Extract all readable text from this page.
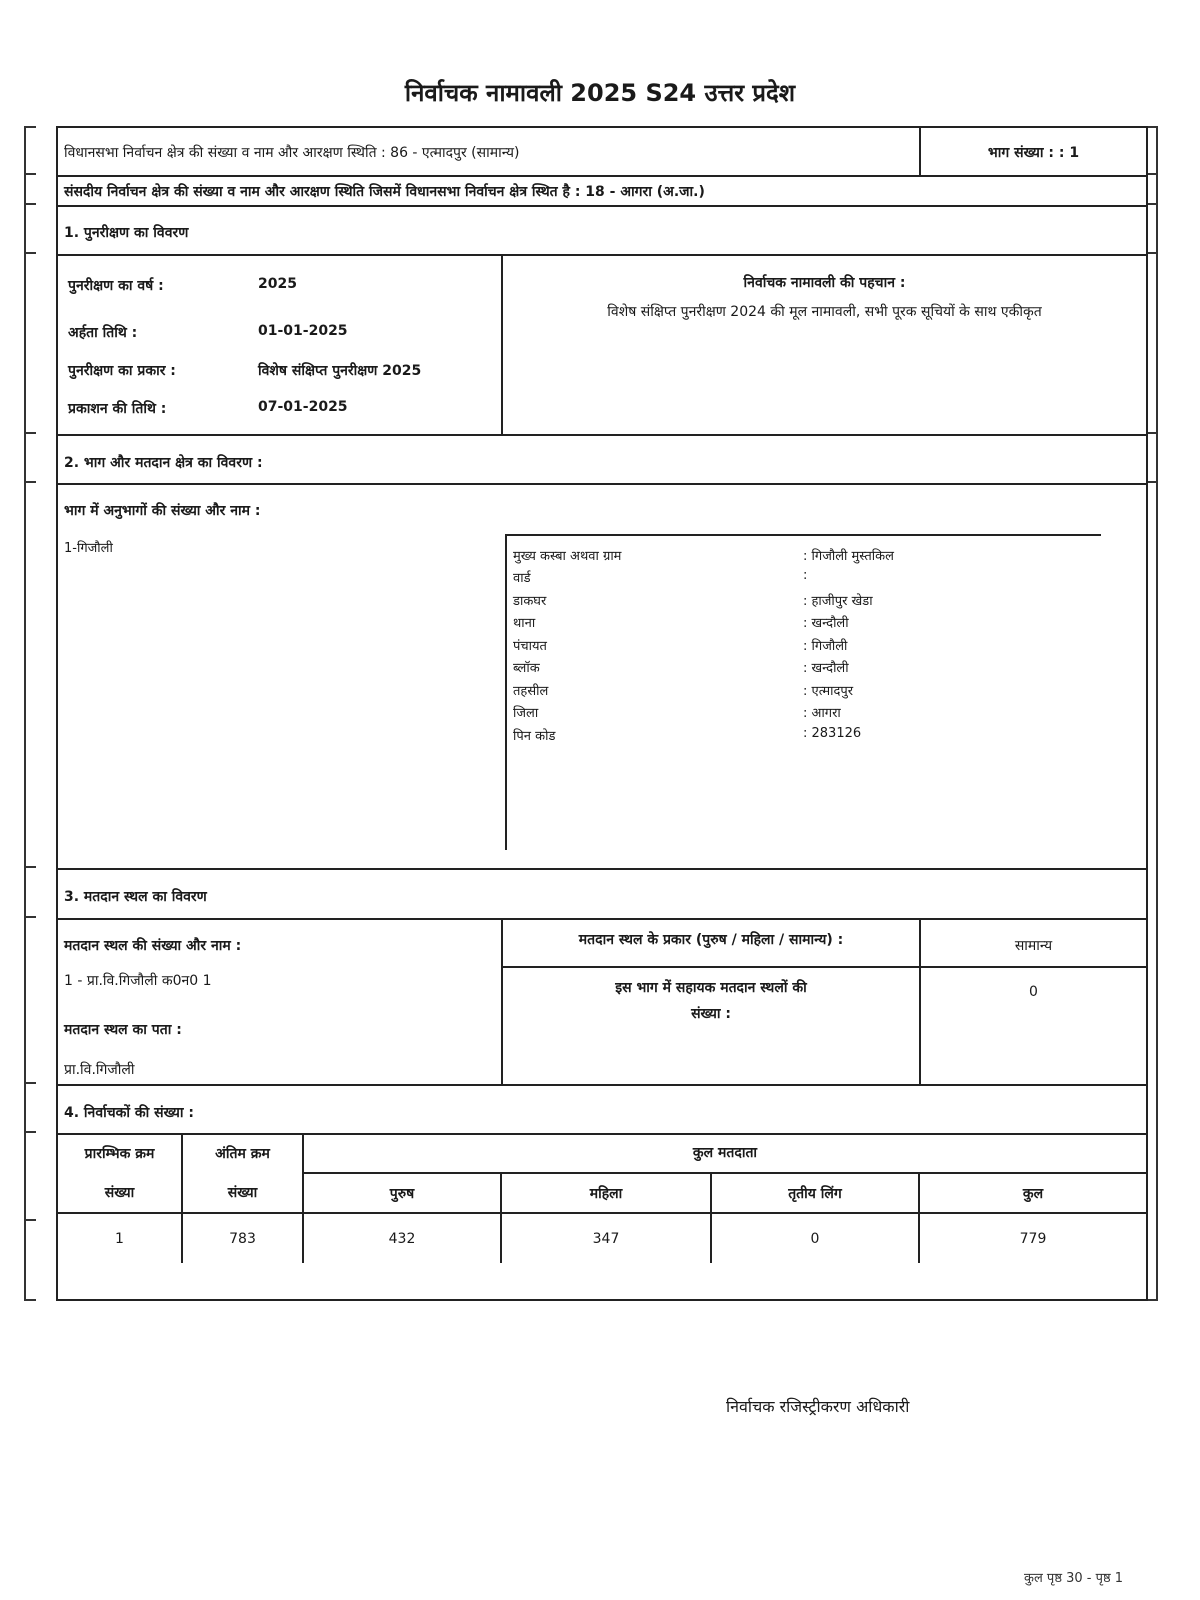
निर्वाचक नामावली 2025 S24 उत्तर प्रदेश
विधानसभा निर्वाचन क्षेत्र की संख्या व नाम और आरक्षण स्थिति : 86 - एत्मादपुर (सामान्य)	भाग संख्या : : 1
संसदीय निर्वाचन क्षेत्र की संख्या व नाम और आरक्षण स्थिति जिसमें विधानसभा निर्वाचन क्षेत्र स्थित है : 18 - आगरा (अ.जा.)
1. पुनरीक्षण का विवरण
पुनरीक्षण का वर्ष :	2025
अर्हता तिथि :	01-01-2025
पुनरीक्षण का प्रकार :	विशेष संक्षिप्त पुनरीक्षण 2025
प्रकाशन की तिथि :	07-01-2025
निर्वाचक नामावली की पहचान :
विशेष संक्षिप्त पुनरीक्षण 2024 की मूल नामावली, सभी पूरक सूचियों के साथ एकीकृत
2. भाग और मतदान क्षेत्र का विवरण :
भाग में अनुभागों की संख्या और नाम :
1-गिजौली
मुख्य कस्बा अथवा ग्राम	: गिजौली मुस्तकिल
वार्ड	:
डाकघर	: हाजीपुर खेडा
थाना	: खन्दौली
पंचायत	: गिजौली
ब्लॉक	: खन्दौली
तहसील	: एत्मादपुर
जिला	: आगरा
पिन कोड	: 283126
3. मतदान स्थल का विवरण
मतदान स्थल की संख्या और नाम :
1 - प्रा.वि.गिजौली क0न0 1
मतदान स्थल का पता :
प्रा.वि.गिजौली
मतदान स्थल के प्रकार (पुरुष / महिला / सामान्य) :	सामान्य
इस भाग में सहायक मतदान स्थलों की
संख्या :
0
4. निर्वाचकों की संख्या :
प्रारम्भिक क्रम	अंतिम क्रम	कुल मतदाता			
संख्या	संख्या	पुरुष	महिला	तृतीय लिंग	कुल
1	783	432	347	0	779
निर्वाचक रजिस्ट्रीकरण अधिकारी
कुल पृष्ठ 30 - पृष्ठ 1
